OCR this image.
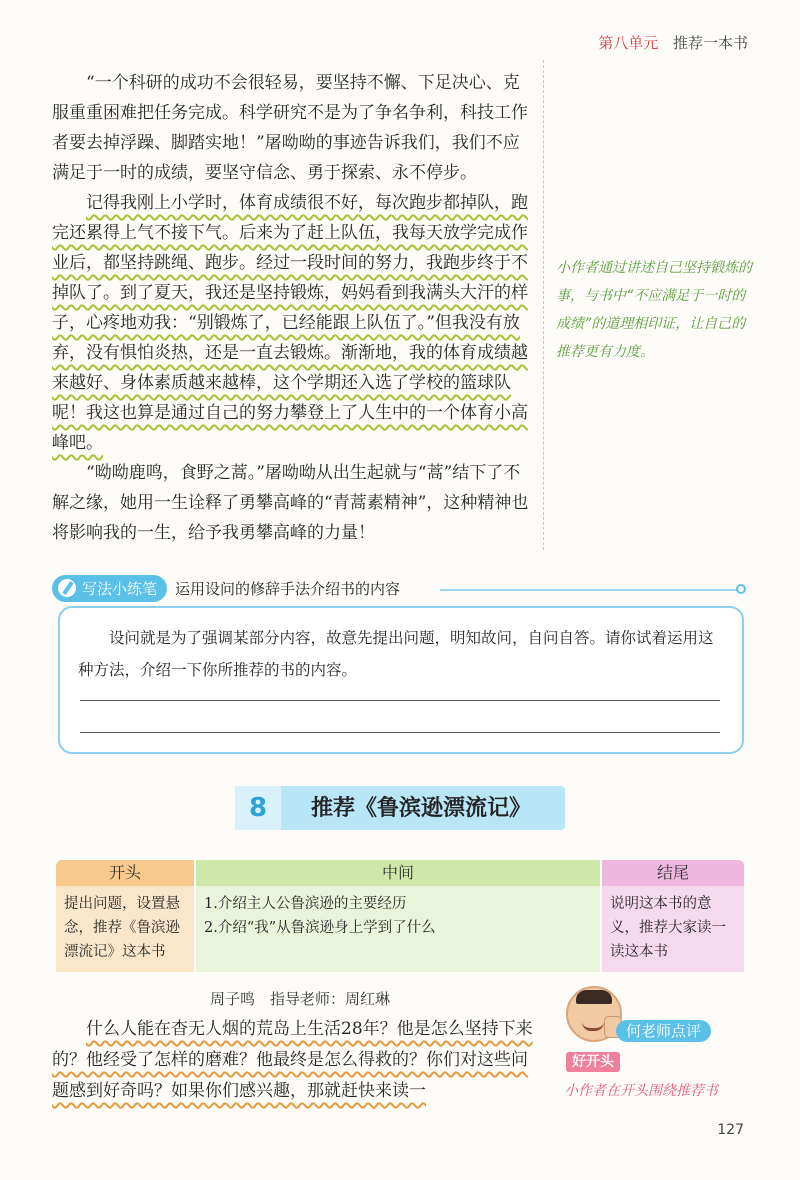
第八单元 推荐一本书

“一个科研的成功不会很轻易，要坚持不懈、下足决心、克服重重困难把任务完成。科学研究不是为了争名争利，科技工作者要去掉浮躁、脚踏实地！”屠呦呦的事迹告诉我们，我们不应满足于一时的成绩，要坚守信念、勇于探索、永不停步。

记得我刚上小学时，体育成绩很不好，每次跑步都掉队，跑完还累得上气不接下气。后来为了赶上队伍，我每天放学完成作业后，都坚持跳绳、跑步。经过一段时间的努力，我跑步终于不掉队了。到了夏天，我还是坚持锻炼，妈妈看到我满头大汗的样子，心疼地劝我：“别锻炼了，已经能跟上队伍了。”但我没有放弃，没有惧怕炎热，还是一直去锻炼。渐渐地，我的体育成绩越来越好、身体素质越来越棒，这个学期还入选了学校的篮球队呢！我这也算是通过自己的努力攀登上了人生中的一个体育小高峰吧。

“呦呦鹿鸣，食野之蒿。”屠呦呦从出生起就与“蒿”结下了不解之缘，她用一生诠释了勇攀高峰的“青蒿素精神”，这种精神也将影响我的一生，给予我勇攀高峰的力量！

小作者通过讲述自己坚持锻炼的事，与书中“不应满足于一时的成绩”的道理相印证，让自己的推荐更有力度。
写法小练笔	运用设问的修辞手法介绍书的内容
设问就是为了强调某部分内容，故意先提出问题，明知故问，自问自答。请你试着运用这种方法，介绍一下你所推荐的书的内容。
8	推荐《鲁滨逊漂流记》
开头
提出问题，设置悬念，推荐《鲁滨逊漂流记》这本书
中间
1.介绍主人公鲁滨逊的主要经历
2.介绍“我”从鲁滨逊身上学到了什么
结尾
说明这本书的意义，推荐大家读一读这本书
周子鸣　指导老师：周红琳

什么人能在杳无人烟的荒岛上生活28年？他是怎么坚持下来的？他经受了怎样的磨难？他最终是怎么得救的？你们对这些问题感到好奇吗？如果你们感兴趣，那就赶快来读一

何老师点评
好开头
小作者在开头围绕推荐书
127
